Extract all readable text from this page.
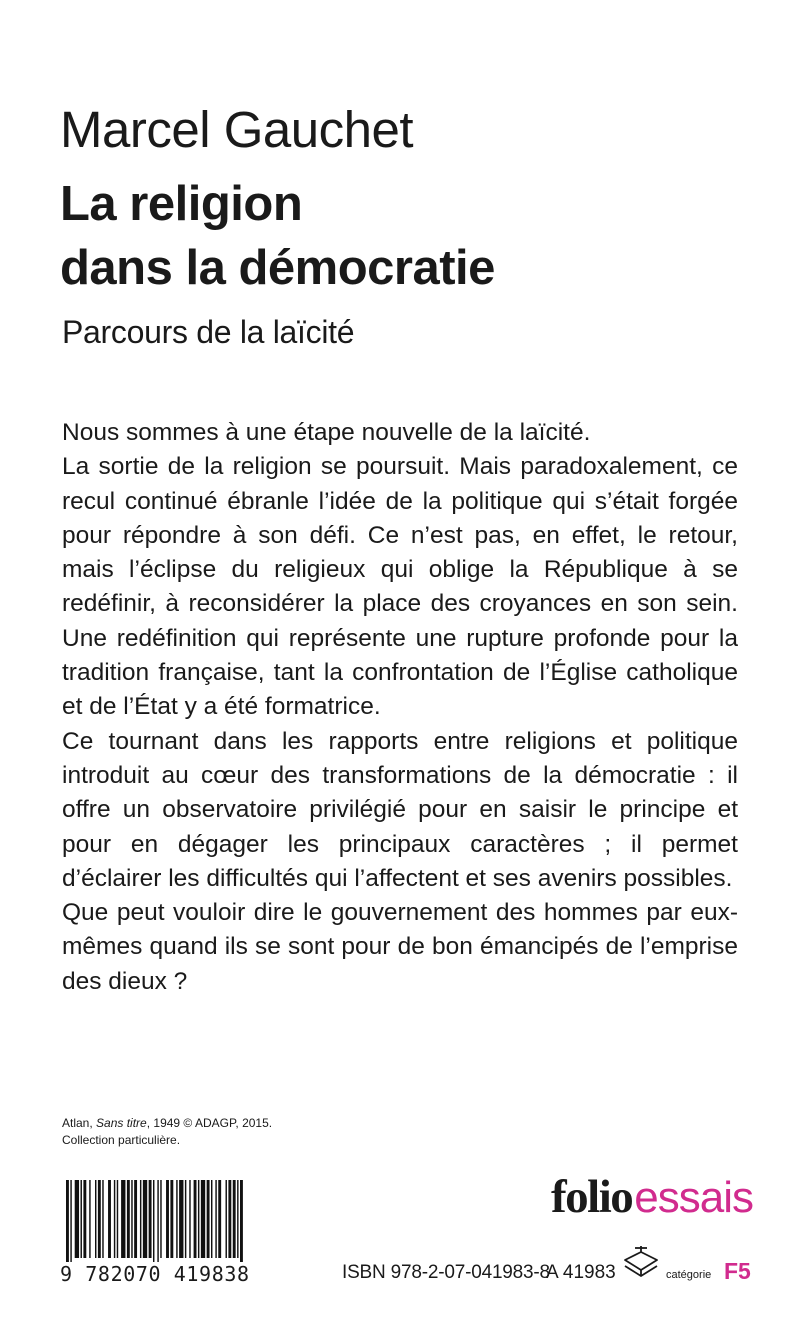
Marcel Gauchet
La religion
dans la démocratie
Parcours de la laïcité

Nous sommes à une étape nouvelle de la laïcité.

La sortie de la religion se poursuit. Mais paradoxalement, ce recul continué ébranle l’idée de la politique qui s’était forgée pour répondre à son défi. Ce n’est pas, en effet, le retour, mais l’éclipse du religieux qui oblige la République à se redéfinir, à reconsidérer la place des croyances en son sein. Une redéfinition qui représente une rupture profonde pour la tradition française, tant la confrontation de l’Église catholique et de l’État y a été formatrice.

Ce tournant dans les rapports entre religions et politique introduit au cœur des transformations de la démocratie : il offre un observatoire privilégié pour en saisir le principe et pour en dégager les principaux caractères ; il permet d’éclairer les difficultés qui l’affectent et ses avenirs possibles.

Que peut vouloir dire le gouvernement des hommes par eux-mêmes quand ils se sont pour de bon émancipés de l’emprise des dieux ?

Atlan, Sans titre, 1949 © ADAGP, 2015.
Collection particulière.
9 782070 419838
folioessais
ISBN 978-2-07-041983-8
A 41983	catégorie F5
